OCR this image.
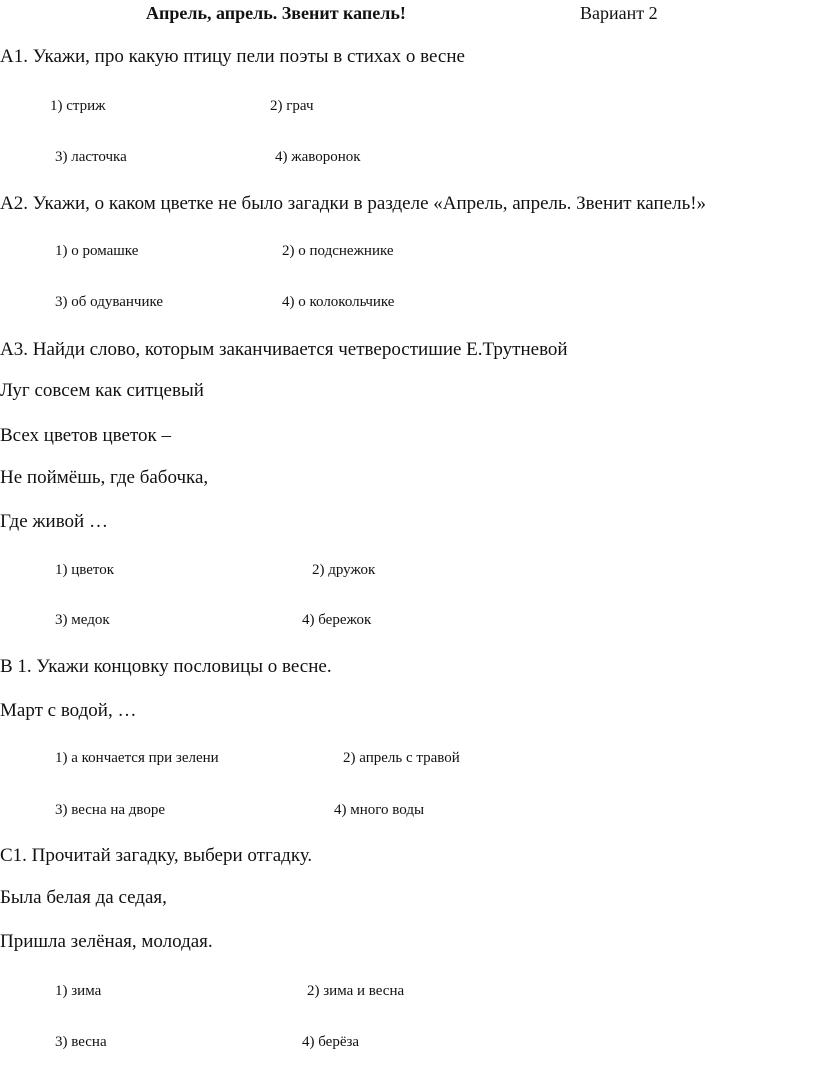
Апрель, апрель. Звенит капель!	Вариант 2
А1. Укажи, про какую птицу пели поэты в стихах о весне
1) стриж	2) грач
3) ласточка	4) жаворонок
А2. Укажи, о каком цветке не было загадки в разделе «Апрель, апрель. Звенит капель!»
1) о ромашке	2) о подснежнике
3) об одуванчике	4) о колокольчике
А3. Найди слово, которым заканчивается четверостишие Е.Трутневой
Луг совсем как ситцевый
Всех цветов цветок –
Не поймёшь, где бабочка,
Где живой …
1) цветок	2) дружок
3) медок	4) бережок
В 1. Укажи концовку пословицы о весне.
Март с водой, …
1) а кончается при зелени	2) апрель с травой
3) весна на дворе	4) много воды
С1. Прочитай загадку, выбери отгадку.
Была белая да седая,
Пришла зелёная, молодая.
1) зима	2) зима и весна
3) весна	4) берёза
